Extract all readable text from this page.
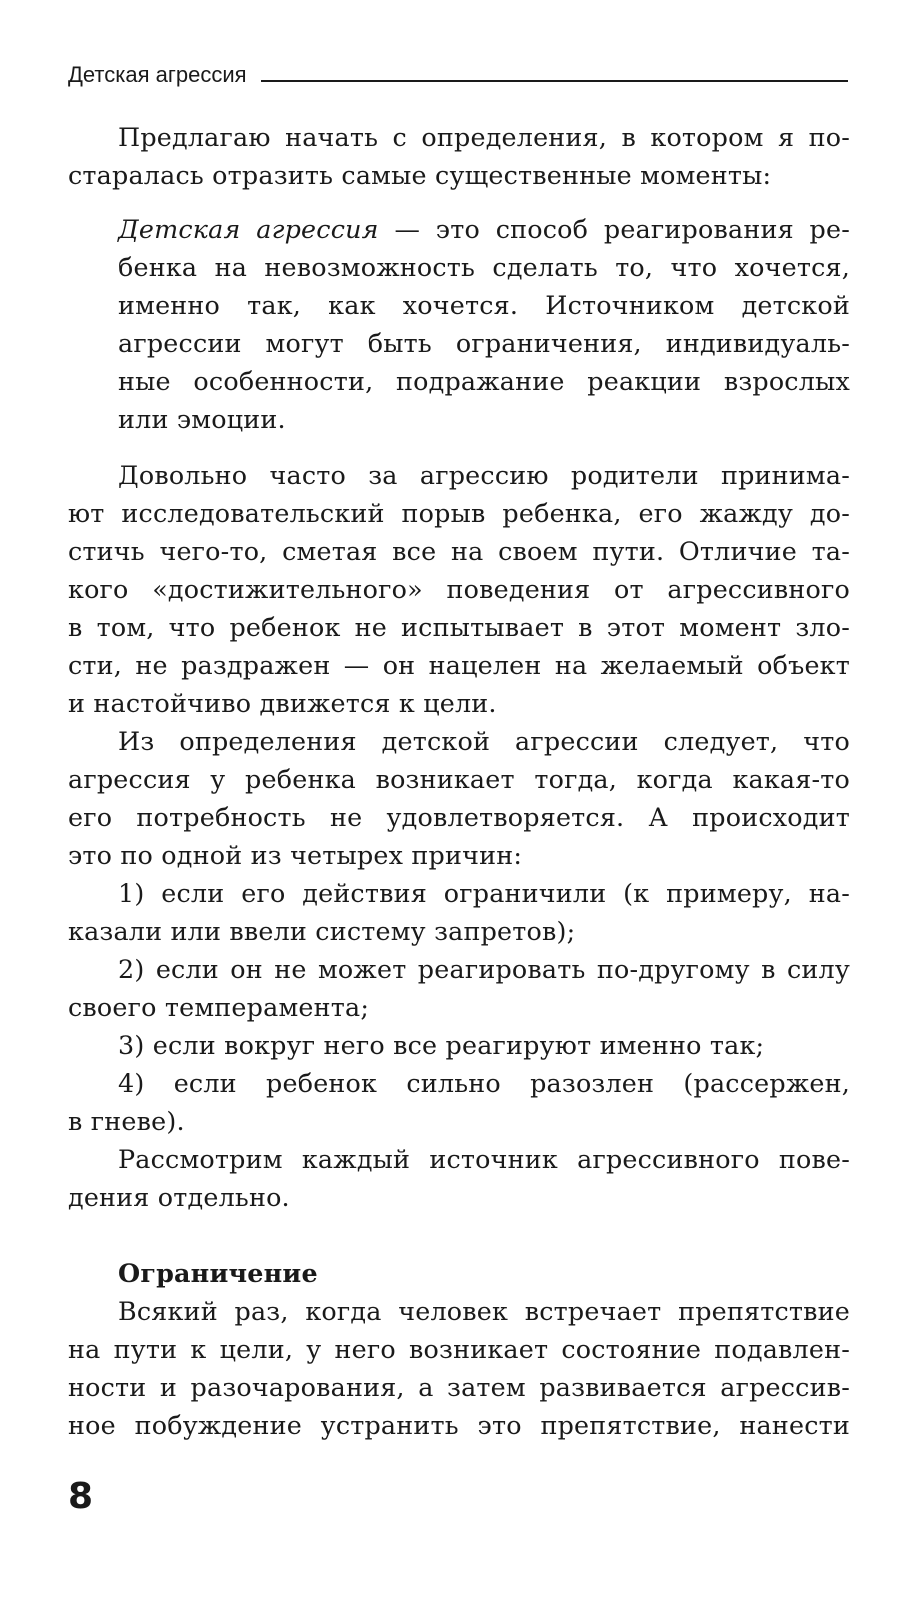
Детская агрессия
Предлагаю начать с определения, в котором я по-
старалась отразить самые существенные моменты:
Детская агрессия — это способ реагирования ре-
бенка на невозможность сделать то, что хочется,
именно так, как хочется. Источником детской
агрессии могут быть ограничения, индивидуаль-
ные особенности, подражание реакции взрослых
или эмоции.
Довольно часто за агрессию родители принима-
ют исследовательский порыв ребенка, его жажду до-
стичь чего-то, сметая все на своем пути. Отличие та-
кого «достижительного» поведения от агрессивного
в том, что ребенок не испытывает в этот момент зло-
сти, не раздражен — он нацелен на желаемый объект
и настойчиво движется к цели.
Из определения детской агрессии следует, что
агрессия у ребенка возникает тогда, когда какая-то
его потребность не удовлетворяется. А происходит
это по одной из четырех причин:
1) если его действия ограничили (к примеру, на-
казали или ввели систему запретов);
2) если он не может реагировать по-другому в силу
своего темперамента;
3) если вокруг него все реагируют именно так;
4) если ребенок сильно разозлен (рассержен,
в гневе).
Рассмотрим каждый источник агрессивного пове-
дения отдельно.
Ограничение
Всякий раз, когда человек встречает препятствие
на пути к цели, у него возникает состояние подавлен-
ности и разочарования, а затем развивается агрессив-
ное побуждение устранить это препятствие, нанести
8
